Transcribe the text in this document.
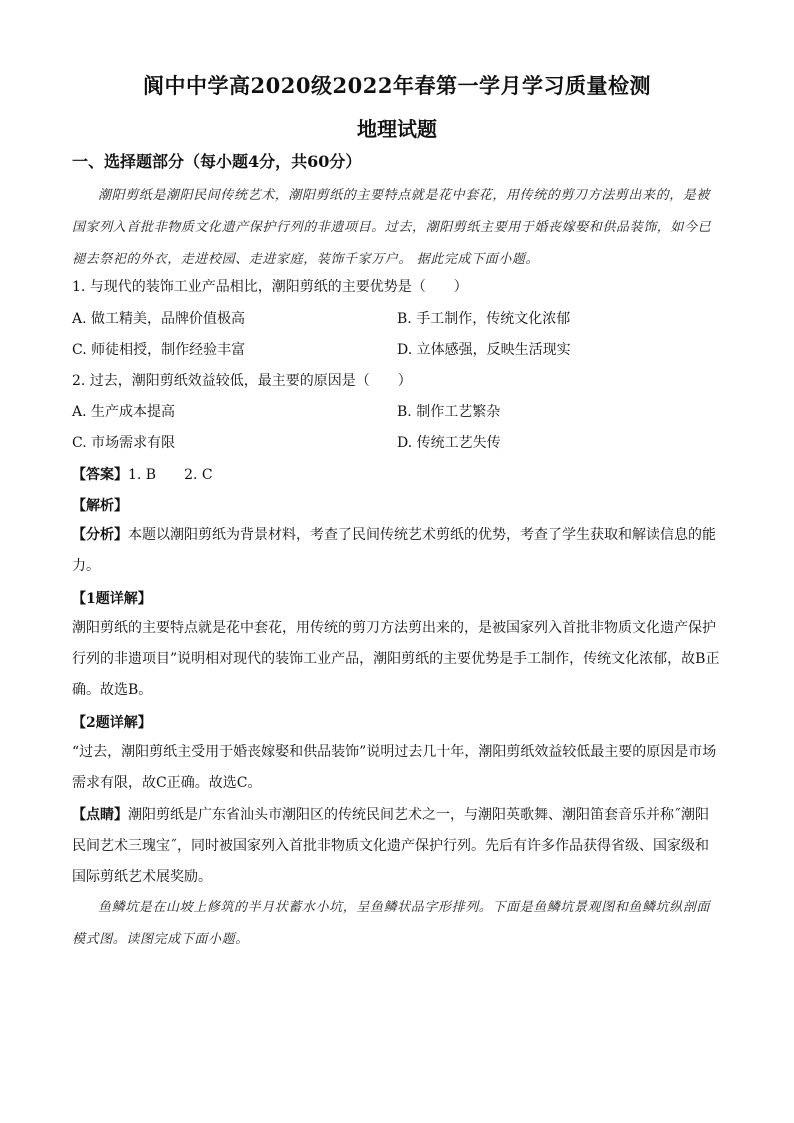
阆中中学高2020级2022年春第一学月学习质量检测
地理试题
一、选择题部分（每小题4分，共60分）
潮阳剪纸是潮阳民间传统艺术，潮阳剪纸的主要特点就是花中套花，用传统的剪刀方法剪出来的，是被国家列入首批非物质文化遗产保护行列的非遗项目。过去，潮阳剪纸主要用于婚丧嫁娶和供品装饰，如今已褪去祭祀的外衣，走进校园、走进家庭，装饰千家万户。 据此完成下面小题。
1. 与现代的装饰工业产品相比，潮阳剪纸的主要优势是（　　）
A. 做工精美，品牌价值极高	B. 手工制作，传统文化浓郁
C. 师徒相授，制作经验丰富	D. 立体感强，反映生活现实
2. 过去，潮阳剪纸效益较低，最主要的原因是（　　）
A. 生产成本提高	B. 制作工艺繁杂
C. 市场需求有限	D. 传统工艺失传
【答案】1. B　　2. C
【解析】
【分析】本题以潮阳剪纸为背景材料，考查了民间传统艺术剪纸的优势，考查了学生获取和解读信息的能力。
【1题详解】
潮阳剪纸的主要特点就是花中套花，用传统的剪刀方法剪出来的，是被国家列入首批非物质文化遗产保护行列的非遗项目”说明相对现代的装饰工业产品，潮阳剪纸的主要优势是手工制作，传统文化浓郁，故B正确。故选B。
【2题详解】
“过去，潮阳剪纸主受用于婚丧嫁娶和供品装饰”说明过去几十年，潮阳剪纸效益较低最主要的原因是市场需求有限，故C正确。故选C。
【点睛】潮阳剪纸是广东省汕头市潮阳区的传统民间艺术之一，与潮阳英歌舞、潮阳笛套音乐并称˝潮阳民间艺术三瑰宝˝，同时被国家列入首批非物质文化遗产保护行列。先后有许多作品获得省级、国家级和国际剪纸艺术展奖励。
鱼鳞坑是在山坡上修筑的半月状蓄水小坑，呈鱼鳞状品字形排列。下面是鱼鳞坑景观图和鱼鳞坑纵剖面模式图。读图完成下面小题。
